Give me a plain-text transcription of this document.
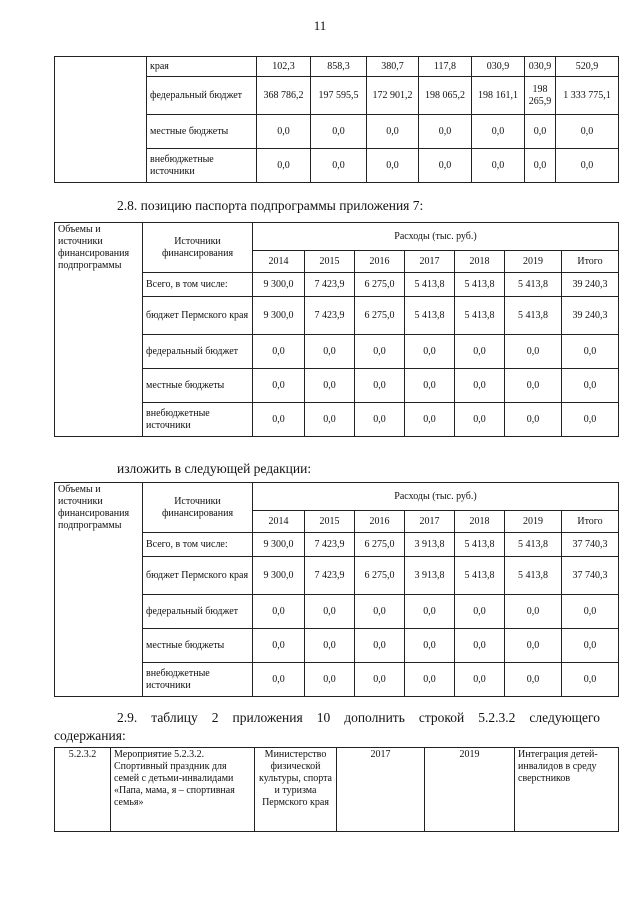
11
	края	102,3	858,3	380,7	117,8	030,9	030,9	520,9
	федеральный бюджет	368 786,2	197 595,5	172 901,2	198 065,2	198 161,1	198 265,9	1 333 775,1
	местные бюджеты	0,0	0,0	0,0	0,0	0,0	0,0	0,0
	внебюджетные источники	0,0	0,0	0,0	0,0	0,0	0,0	0,0
2.8. позицию паспорта подпрограммы приложения 7:
Объемы и источники финансирования подпрограммы	Источники финансирования	Расходы (тыс. руб.)						
		2014	2015	2016	2017	2018	2019	Итого
	Всего, в том числе:	9 300,0	7 423,9	6 275,0	5 413,8	5 413,8	5 413,8	39 240,3
	бюджет Пермского края	9 300,0	7 423,9	6 275,0	5 413,8	5 413,8	5 413,8	39 240,3
	федеральный бюджет	0,0	0,0	0,0	0,0	0,0	0,0	0,0
	местные бюджеты	0,0	0,0	0,0	0,0	0,0	0,0	0,0
	внебюджетные источники	0,0	0,0	0,0	0,0	0,0	0,0	0,0
изложить в следующей редакции:
Объемы и источники финансирования подпрограммы	Источники финансирования	Расходы (тыс. руб.)						
		2014	2015	2016	2017	2018	2019	Итого
	Всего, в том числе:	9 300,0	7 423,9	6 275,0	3 913,8	5 413,8	5 413,8	37 740,3
	бюджет Пермского края	9 300,0	7 423,9	6 275,0	3 913,8	5 413,8	5 413,8	37 740,3
	федеральный бюджет	0,0	0,0	0,0	0,0	0,0	0,0	0,0
	местные бюджеты	0,0	0,0	0,0	0,0	0,0	0,0	0,0
	внебюджетные источники	0,0	0,0	0,0	0,0	0,0	0,0	0,0
2.9. таблицу 2 приложения 10 дополнить строкой 5.2.3.2 следующего
содержания:
5.2.3.2	Мероприятие 5.2.3.2. Спортивный праздник для семей с детьми-инвалидами «Папа, мама, я – спортивная семья»	Министерство физической культуры, спорта и туризма Пермского края	2017	2019	Интеграция детей-инвалидов в среду сверстников
